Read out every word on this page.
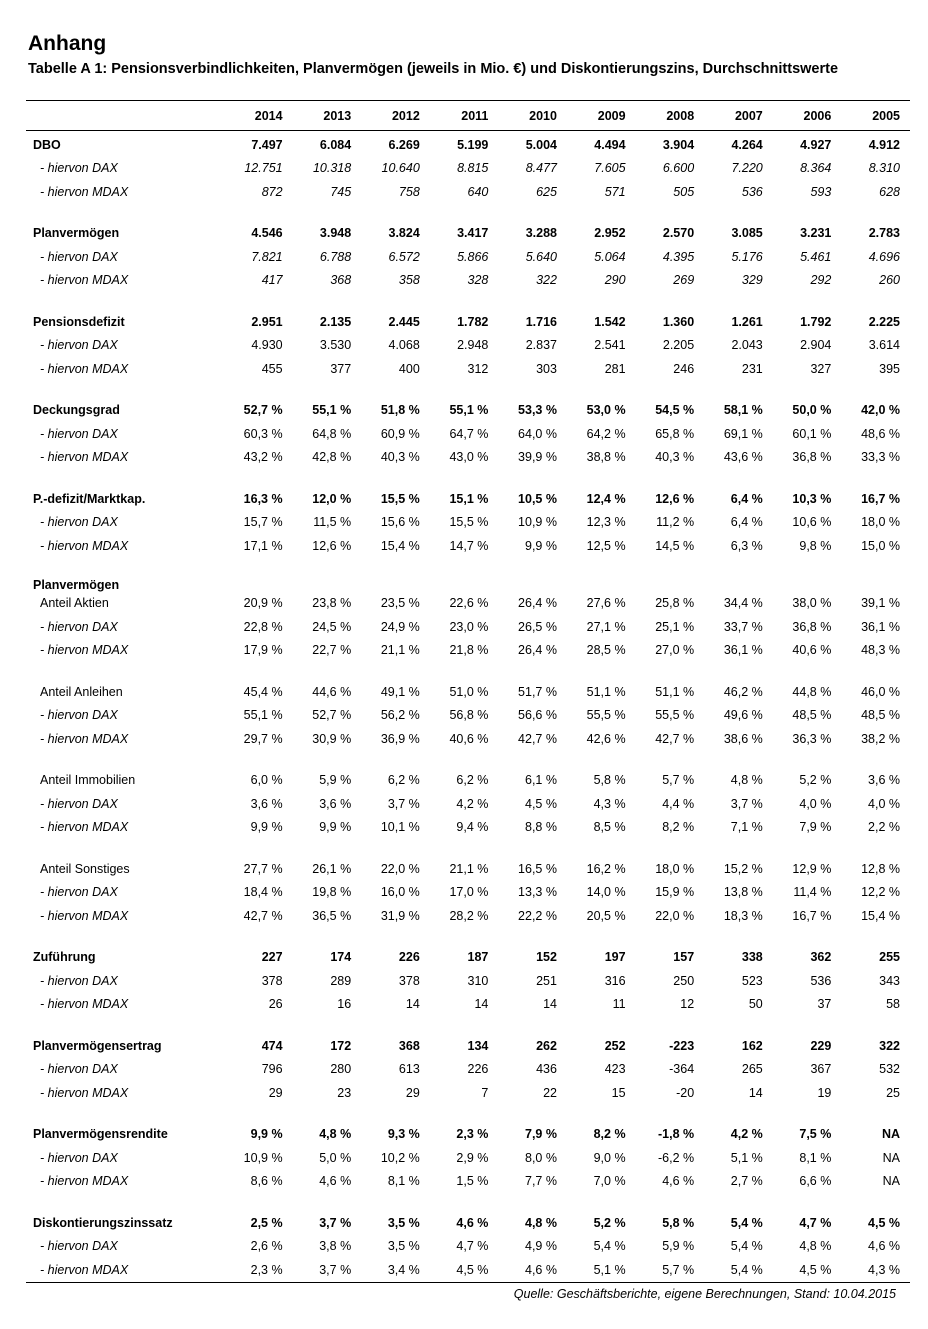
Anhang
Tabelle A 1: Pensionsverbindlichkeiten, Planvermögen (jeweils in Mio. €) und Diskontierungszins, Durchschnittswerte
	2014	2013	2012	2011	2010	2009	2008	2007	2006	2005
DBO	7.497	6.084	6.269	5.199	5.004	4.494	3.904	4.264	4.927	4.912
- hiervon DAX	12.751	10.318	10.640	8.815	8.477	7.605	6.600	7.220	8.364	8.310
- hiervon MDAX	872	745	758	640	625	571	505	536	593	628

Planvermögen	4.546	3.948	3.824	3.417	3.288	2.952	2.570	3.085	3.231	2.783
- hiervon DAX	7.821	6.788	6.572	5.866	5.640	5.064	4.395	5.176	5.461	4.696
- hiervon MDAX	417	368	358	328	322	290	269	329	292	260

Pensionsdefizit	2.951	2.135	2.445	1.782	1.716	1.542	1.360	1.261	1.792	2.225
- hiervon DAX	4.930	3.530	4.068	2.948	2.837	2.541	2.205	2.043	2.904	3.614
- hiervon MDAX	455	377	400	312	303	281	246	231	327	395

Deckungsgrad	52,7 %	55,1 %	51,8 %	55,1 %	53,3 %	53,0 %	54,5 %	58,1 %	50,0 %	42,0 %
- hiervon DAX	60,3 %	64,8 %	60,9 %	64,7 %	64,0 %	64,2 %	65,8 %	69,1 %	60,1 %	48,6 %
- hiervon MDAX	43,2 %	42,8 %	40,3 %	43,0 %	39,9 %	38,8 %	40,3 %	43,6 %	36,8 %	33,3 %

P.-defizit/Marktkap.	16,3 %	12,0 %	15,5 %	15,1 %	10,5 %	12,4 %	12,6 %	6,4 %	10,3 %	16,7 %
- hiervon DAX	15,7 %	11,5 %	15,6 %	15,5 %	10,9 %	12,3 %	11,2 %	6,4 %	10,6 %	18,0 %
- hiervon MDAX	17,1 %	12,6 %	15,4 %	14,7 %	9,9 %	12,5 %	14,5 %	6,3 %	9,8 %	15,0 %

Planvermögen										
Anteil Aktien	20,9 %	23,8 %	23,5 %	22,6 %	26,4 %	27,6 %	25,8 %	34,4 %	38,0 %	39,1 %
- hiervon DAX	22,8 %	24,5 %	24,9 %	23,0 %	26,5 %	27,1 %	25,1 %	33,7 %	36,8 %	36,1 %
- hiervon MDAX	17,9 %	22,7 %	21,1 %	21,8 %	26,4 %	28,5 %	27,0 %	36,1 %	40,6 %	48,3 %

Anteil Anleihen	45,4 %	44,6 %	49,1 %	51,0 %	51,7 %	51,1 %	51,1 %	46,2 %	44,8 %	46,0 %
- hiervon DAX	55,1 %	52,7 %	56,2 %	56,8 %	56,6 %	55,5 %	55,5 %	49,6 %	48,5 %	48,5 %
- hiervon MDAX	29,7 %	30,9 %	36,9 %	40,6 %	42,7 %	42,6 %	42,7 %	38,6 %	36,3 %	38,2 %

Anteil Immobilien	6,0 %	5,9 %	6,2 %	6,2 %	6,1 %	5,8 %	5,7 %	4,8 %	5,2 %	3,6 %
- hiervon DAX	3,6 %	3,6 %	3,7 %	4,2 %	4,5 %	4,3 %	4,4 %	3,7 %	4,0 %	4,0 %
- hiervon MDAX	9,9 %	9,9 %	10,1 %	9,4 %	8,8 %	8,5 %	8,2 %	7,1 %	7,9 %	2,2 %

Anteil Sonstiges	27,7 %	26,1 %	22,0 %	21,1 %	16,5 %	16,2 %	18,0 %	15,2 %	12,9 %	12,8 %
- hiervon DAX	18,4 %	19,8 %	16,0 %	17,0 %	13,3 %	14,0 %	15,9 %	13,8 %	11,4 %	12,2 %
- hiervon MDAX	42,7 %	36,5 %	31,9 %	28,2 %	22,2 %	20,5 %	22,0 %	18,3 %	16,7 %	15,4 %

Zuführung	227	174	226	187	152	197	157	338	362	255
- hiervon DAX	378	289	378	310	251	316	250	523	536	343
- hiervon MDAX	26	16	14	14	14	11	12	50	37	58

Planvermögensertrag	474	172	368	134	262	252	-223	162	229	322
- hiervon DAX	796	280	613	226	436	423	-364	265	367	532
- hiervon MDAX	29	23	29	7	22	15	-20	14	19	25

Planvermögensrendite	9,9 %	4,8 %	9,3 %	2,3 %	7,9 %	8,2 %	-1,8 %	4,2 %	7,5 %	NA
- hiervon DAX	10,9 %	5,0 %	10,2 %	2,9 %	8,0 %	9,0 %	-6,2 %	5,1 %	8,1 %	NA
- hiervon MDAX	8,6 %	4,6 %	8,1 %	1,5 %	7,7 %	7,0 %	4,6 %	2,7 %	6,6 %	NA

Diskontierungszinssatz	2,5 %	3,7 %	3,5 %	4,6 %	4,8 %	5,2 %	5,8 %	5,4 %	4,7 %	4,5 %
- hiervon DAX	2,6 %	3,8 %	3,5 %	4,7 %	4,9 %	5,4 %	5,9 %	5,4 %	4,8 %	4,6 %
- hiervon MDAX	2,3 %	3,7 %	3,4 %	4,5 %	4,6 %	5,1 %	5,7 %	5,4 %	4,5 %	4,3 %
Quelle: Geschäftsberichte, eigene Berechnungen, Stand: 10.04.2015
